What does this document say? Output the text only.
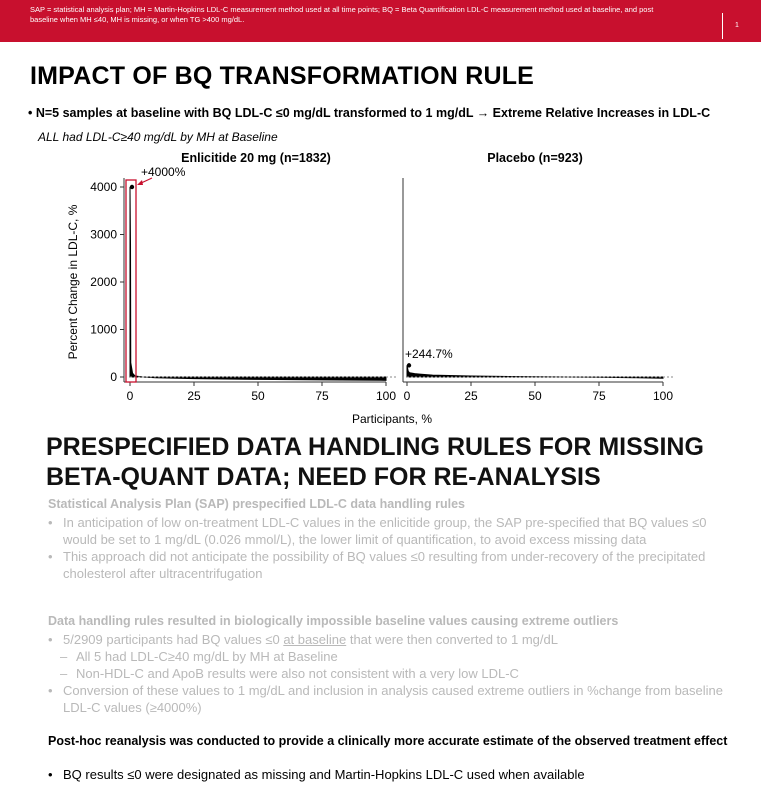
SAP = statistical analysis plan; MH = Martin-Hopkins LDL-C measurement method used at all time points; BQ = Beta Quantification LDL-C measurement method used at baseline, and post baseline when MH ≤40, MH is missing, or when TG >400 mg/dL.
1
IMPACT OF BQ TRANSFORMATION RULE
• N=5 samples at baseline with BQ LDL-C ≤0 mg/dL transformed to 1 mg/dL → Extreme Relative Increases in LDL-C
ALL had LDL-C≥40 mg/dL by MH at Baseline
Enlicitide 20 mg (n=1832)
0	25	50	75	100
+4000%
Placebo (n=923)
0	25	50	75	100
+244.7%
0
1000
2000
3000
4000
Percent Change in LDL-C, %
Participants, %
PRESPECIFIED DATA HANDLING RULES FOR MISSING BETA-QUANT DATA; NEED FOR RE-ANALYSIS
Statistical Analysis Plan (SAP) prespecified LDL-C data handling rules
• In anticipation of low on-treatment LDL-C values in the enlicitide group, the SAP pre-specified that BQ values ≤0 would be set to 1 mg/dL (0.026 mmol/L), the lower limit of quantification, to avoid excess missing data
• This approach did not anticipate the possibility of BQ values ≤0 resulting from under-recovery of the precipitated cholesterol after ultracentrifugation
Data handling rules resulted in biologically impossible baseline values causing extreme outliers
• 5/2909 participants had BQ values ≤0 at baseline that were then converted to 1 mg/dL
– All 5 had LDL-C≥40 mg/dL by MH at Baseline
– Non-HDL-C and ApoB results were also not consistent with a very low LDL-C
• Conversion of these values to 1 mg/dL and inclusion in analysis caused extreme outliers in %change from baseline LDL-C values (≥4000%)
Post-hoc reanalysis was conducted to provide a clinically more accurate estimate of the observed treatment effect
• BQ results ≤0 were designated as missing and Martin-Hopkins LDL-C used when available
